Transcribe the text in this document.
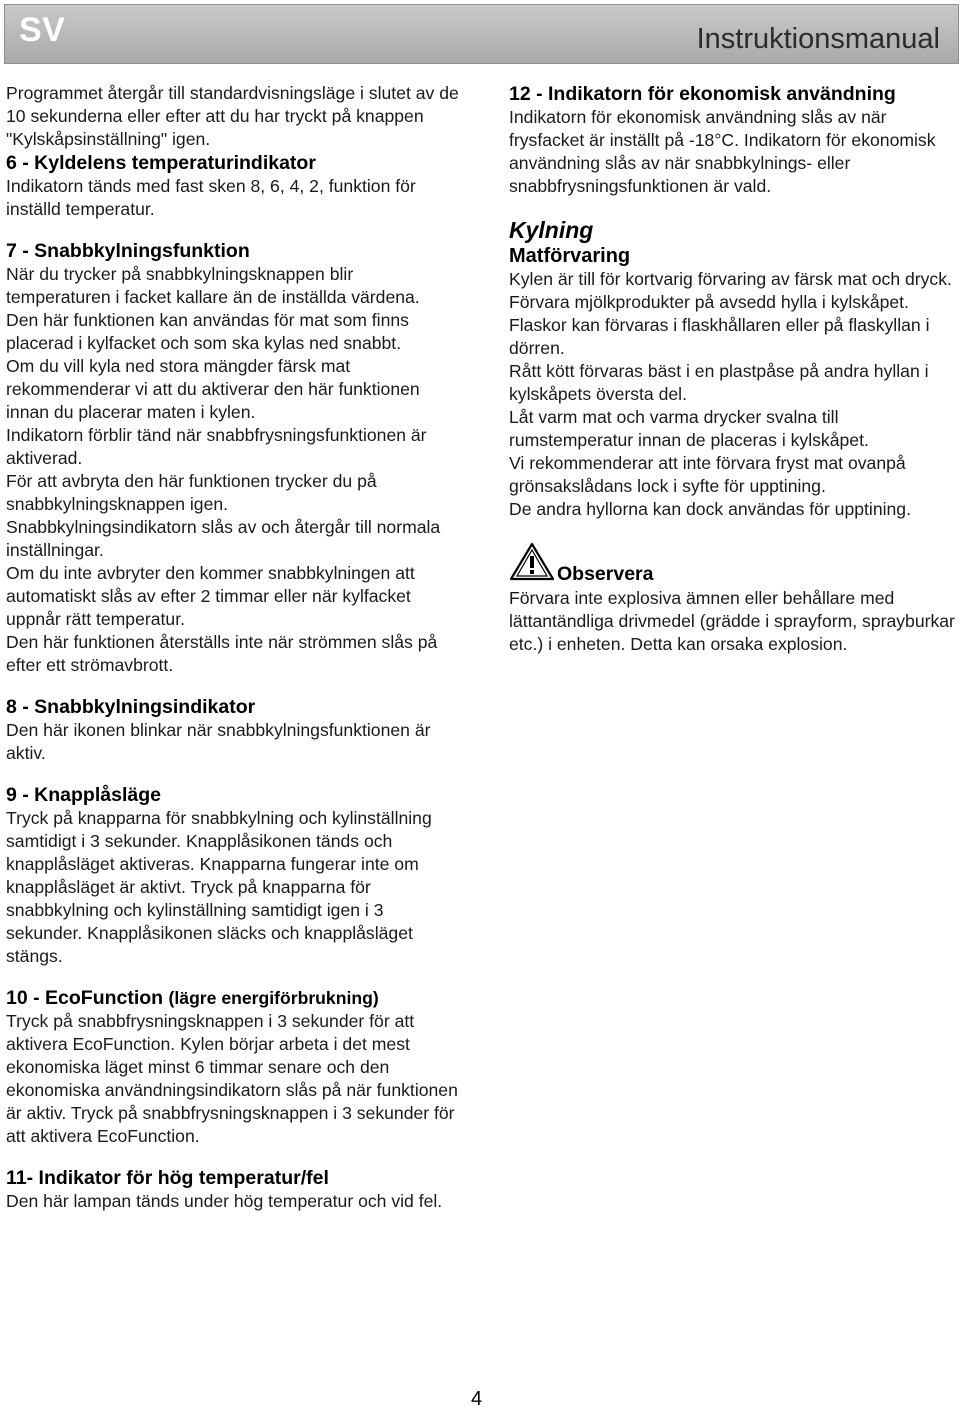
SV	Instruktionsmanual

Programmet återgår till standardvisningsläge i slutet av de 10 sekunderna eller efter att du har tryckt på knappen "Kylskåpsinställning" igen.

6 - Kyldelens temperaturindikator

Indikatorn tänds med fast sken 8, 6, 4, 2, funktion för inställd temperatur.

7 - Snabbkylningsfunktion

När du trycker på snabbkylningsknappen blir temperaturen i facket kallare än de inställda värdena.

Den här funktionen kan användas för mat som finns placerad i kylfacket och som ska kylas ned snabbt.

Om du vill kyla ned stora mängder färsk mat rekommenderar vi att du aktiverar den här funktionen innan du placerar maten i kylen.

Indikatorn förblir tänd när snabbfrysningsfunktionen är aktiverad.

För att avbryta den här funktionen trycker du på snabbkylningsknappen igen.

Snabbkylningsindikatorn slås av och återgår till normala inställningar.

Om du inte avbryter den kommer snabbkylningen att automatiskt slås av efter 2 timmar eller när kylfacket uppnår rätt temperatur.

Den här funktionen återställs inte när strömmen slås på efter ett strömavbrott.

8 - Snabbkylningsindikator

Den här ikonen blinkar när snabbkylningsfunktionen är aktiv.

9 - Knapplåsläge

Tryck på knapparna för snabbkylning och kylinställning samtidigt i 3 sekunder. Knapplåsikonen tänds och knapplåsläget aktiveras. Knapparna fungerar inte om knapplåsläget är aktivt. Tryck på knapparna för snabbkylning och kylinställning samtidigt igen i 3 sekunder. Knapplåsikonen släcks och knapplåsläget stängs.

10 - EcoFunction (lägre energiförbrukning)

Tryck på snabbfrysningsknappen i 3 sekunder för att aktivera EcoFunction. Kylen börjar arbeta i det mest ekonomiska läget minst 6 timmar senare och den ekonomiska användningsindikatorn slås på när funktionen är aktiv. Tryck på snabbfrysningsknappen i 3 sekunder för att aktivera EcoFunction.

11- Indikator för hög temperatur/fel

Den här lampan tänds under hög temperatur och vid fel.

12 - Indikatorn för ekonomisk användning

Indikatorn för ekonomisk användning slås av när frysfacket är inställt på -18°C. Indikatorn för ekonomisk användning slås av när snabbkylnings- eller snabbfrysningsfunktionen är vald.

Kylning

Matförvaring

Kylen är till för kortvarig förvaring av färsk mat och dryck.

Förvara mjölkprodukter på avsedd hylla i kylskåpet.

Flaskor kan förvaras i flaskhållaren eller på flaskyllan i dörren.

Rått kött förvaras bäst i en plastpåse på andra hyllan i kylskåpets översta del.

Låt varm mat och varma drycker svalna till rumstemperatur innan de placeras i kylskåpet.

Vi rekommenderar att inte förvara fryst mat ovanpå grönsakslådans lock i syfte för upptining.

De andra hyllorna kan dock användas för upptining.

Observera

Förvara inte explosiva ämnen eller behållare med lättantändliga drivmedel (grädde i sprayform, sprayburkar etc.) i enheten. Detta kan orsaka explosion.

4
